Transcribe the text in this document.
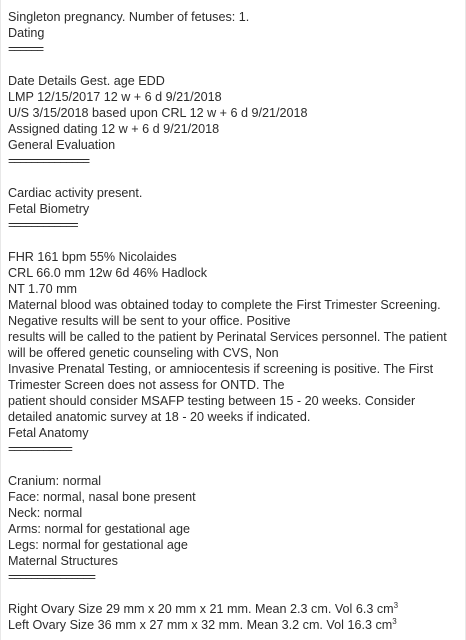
Singleton pregnancy. Number of fetuses: 1.
Dating
======
Date Details Gest. age EDD
LMP 12/15/2017 12 w + 6 d 9/21/2018
U/S 3/15/2018 based upon CRL 12 w + 6 d 9/21/2018
Assigned dating 12 w + 6 d 9/21/2018
General Evaluation
==============
Cardiac activity present.
Fetal Biometry
============
FHR 161 bpm 55% Nicolaides
CRL 66.0 mm 12w 6d 46% Hadlock
NT 1.70 mm
Maternal blood was obtained today to complete the First Trimester Screening.
Negative results will be sent to your office. Positive
results will be called to the patient by Perinatal Services personnel. The patient
will be offered genetic counseling with CVS, Non
Invasive Prenatal Testing, or amniocentesis if screening is positive. The First
Trimester Screen does not assess for ONTD. The
patient should consider MSAFP testing between 15 - 20 weeks. Consider
detailed anatomic survey at 18 - 20 weeks if indicated.
Fetal Anatomy
===========
Cranium: normal
Face: normal, nasal bone present
Neck: normal
Arms: normal for gestational age
Legs: normal for gestational age
Maternal Structures
===============
Right Ovary Size 29 mm x 20 mm x 21 mm. Mean 2.3 cm. Vol 6.3 $cm^3$
Left Ovary Size 36 mm x 27 mm x 32 mm. Mean 3.2 cm. Vol 16.3 $cm^3$
